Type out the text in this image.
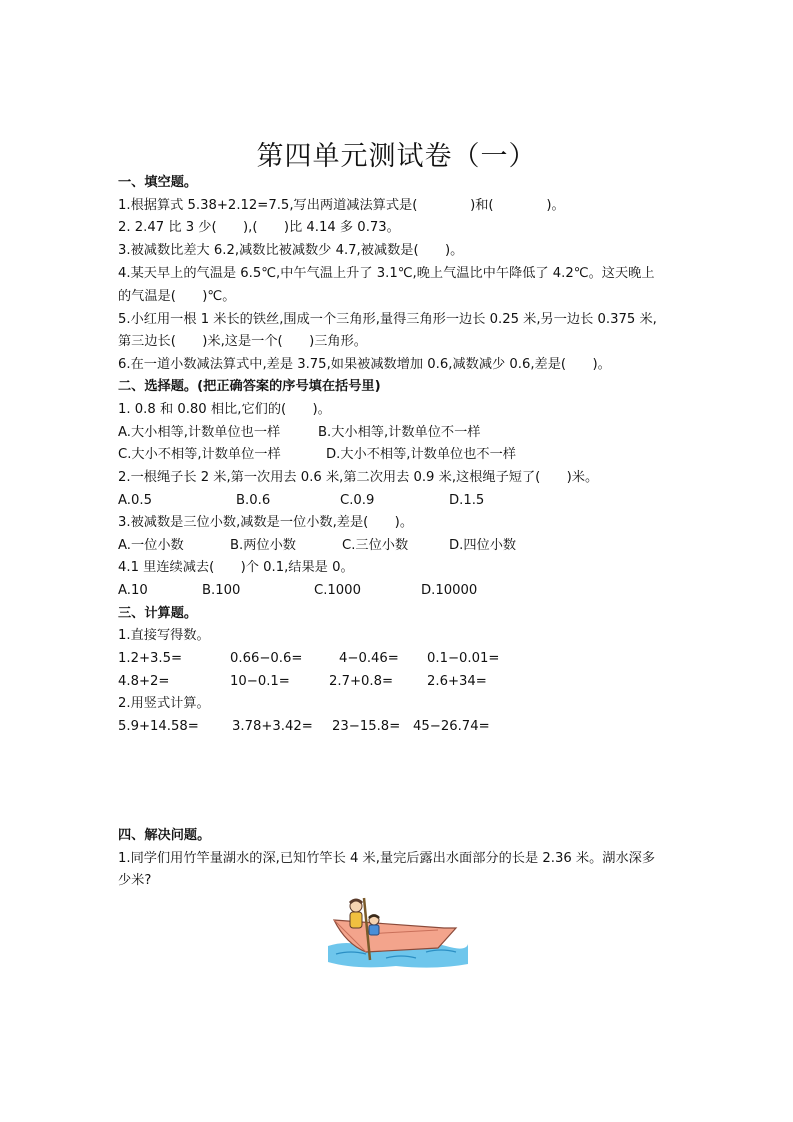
第四单元测试卷（一）
一、填空题。
1.根据算式 5.38+2.12=7.5,写出两道减法算式是(　　　　)和(　　　　)。
2. 2.47 比 3 少(　　),(　　)比 4.14 多 0.73。
3.被减数比差大 6.2,减数比被减数少 4.7,被减数是(　　)。
4.某天早上的气温是 6.5℃,中午气温上升了 3.1℃,晚上气温比中午降低了 4.2℃。这天晚上
的气温是(　　)℃。
5.小红用一根 1 米长的铁丝,围成一个三角形,量得三角形一边长 0.25 米,另一边长 0.375 米,
第三边长(　　)米,这是一个(　　)三角形。
6.在一道小数减法算式中,差是 3.75,如果被减数增加 0.6,减数减少 0.6,差是(　　)。
二、选择题。(把正确答案的序号填在括号里)
1. 0.8 和 0.80 相比,它们的(　　)。
A.大小相等,计数单位也一样	B.大小相等,计数单位不一样
C.大小不相等,计数单位一样	D.大小不相等,计数单位也不一样
2.一根绳子长 2 米,第一次用去 0.6 米,第二次用去 0.9 米,这根绳子短了(　　)米。
A.0.5	B.0.6	C.0.9	D.1.5
3.被减数是三位小数,减数是一位小数,差是(　　)。
A.一位小数	B.两位小数	C.三位小数	D.四位小数
4.1 里连续减去(　　)个 0.1,结果是 0。
A.10	B.100	C.1000	D.10000
三、计算题。
1.直接写得数。
1.2+3.5=	0.66−0.6=	4−0.46= 0.1−0.01=
4.8+2=	10−0.1=	2.7+0.8=	2.6+34=
2.用竖式计算。
5.9+14.58=	3.78+3.42= 23−15.8= 45−26.74=
四、解决问题。
1.同学们用竹竿量湖水的深,已知竹竿长 4 米,量完后露出水面部分的长是 2.36 米。湖水深多
少米?
